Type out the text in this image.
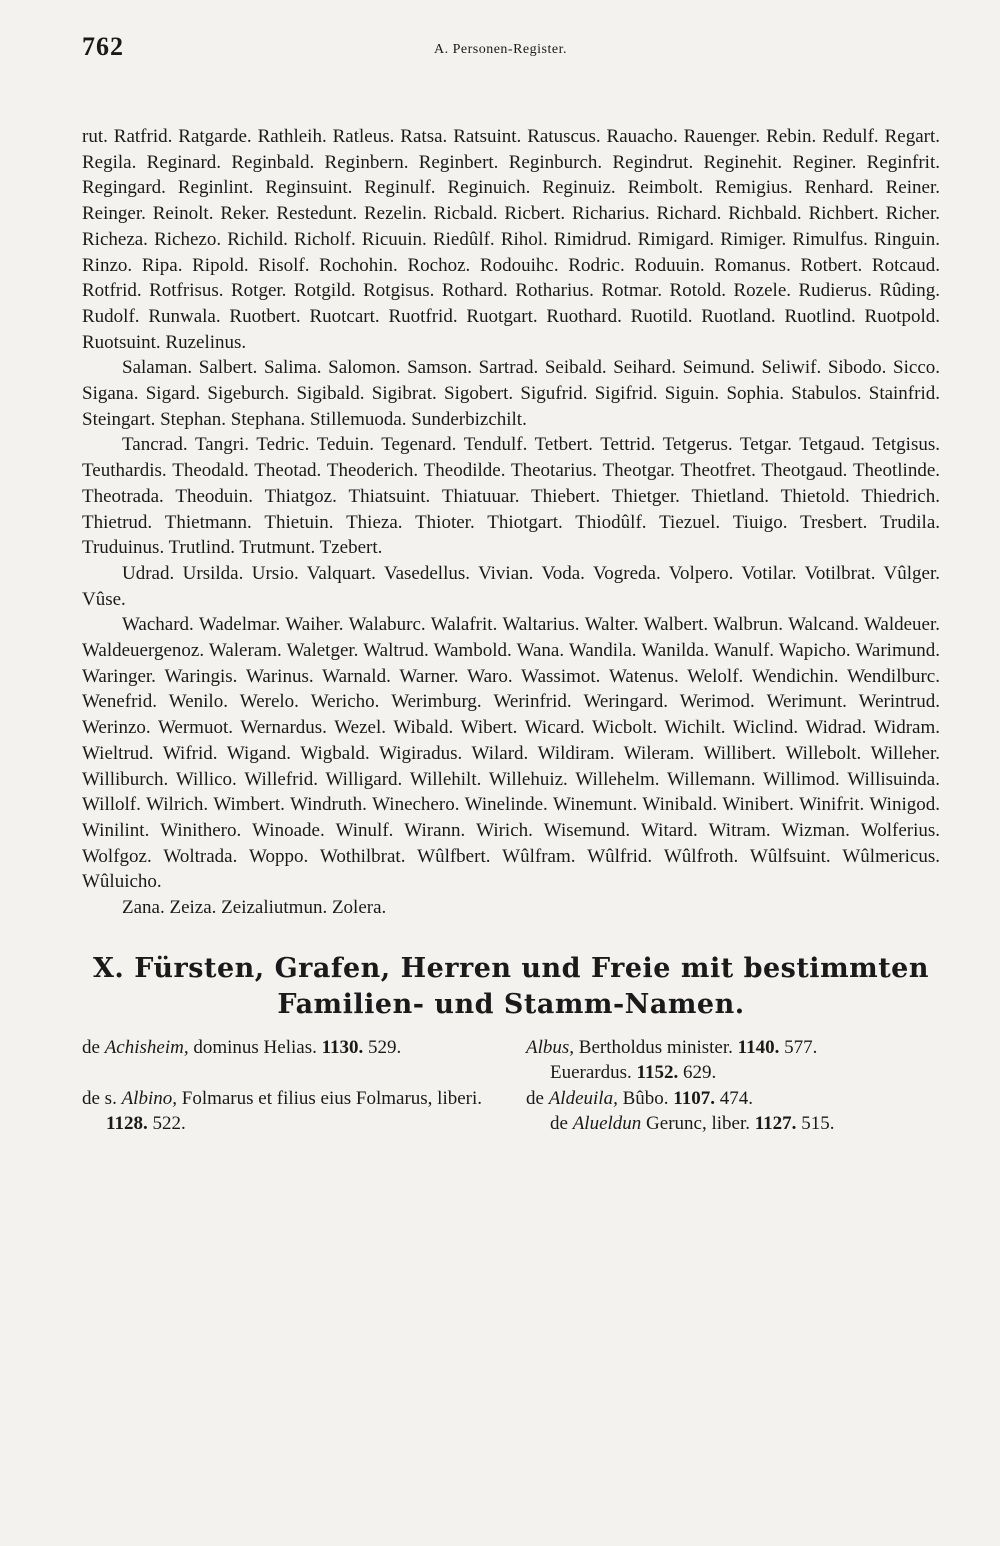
762	A. Personen-Register.

rut. Ratfrid. Ratgarde. Rathleih. Ratleus. Ratsa. Ratsuint. Ratuscus. Rauacho. Rauenger. Rebin. Redulf. Regart. Regila. Reginard. Reginbald. Reginbern. Reginbert. Reginburch. Regindrut. Reginehit. Reginer. Reginfrit. Regingard. Reginlint. Reginsuint. Reginulf. Reginuich. Reginuiz. Reimbolt. Remigius. Renhard. Reiner. Reinger. Reinolt. Reker. Restedunt. Rezelin. Ricbald. Ricbert. Richarius. Richard. Richbald. Richbert. Richer. Richeza. Richezo. Richild. Richolf. Ricuuin. Riedûlf. Rihol. Rimidrud. Rimigard. Rimiger. Rimulfus. Ringuin. Rinzo. Ripa. Ripold. Risolf. Rochohin. Rochoz. Rodouihc. Rodric. Roduuin. Romanus. Rotbert. Rotcaud. Rotfrid. Rotfrisus. Rotger. Rotgild. Rotgisus. Rothard. Rotharius. Rotmar. Rotold. Rozele. Rudierus. Rûding. Rudolf. Runwala. Ruotbert. Ruotcart. Ruotfrid. Ruotgart. Ruothard. Ruotild. Ruotland. Ruotlind. Ruotpold. Ruotsuint. Ruzelinus.

Salaman. Salbert. Salima. Salomon. Samson. Sartrad. Seibald. Seihard. Seimund. Seliwif. Sibodo. Sicco. Sigana. Sigard. Sigeburch. Sigibald. Sigibrat. Sigobert. Sigufrid. Sigifrid. Siguin. Sophia. Stabulos. Stainfrid. Steingart. Stephan. Stephana. Stillemuoda. Sunderbizchilt.

Tancrad. Tangri. Tedric. Teduin. Tegenard. Tendulf. Tetbert. Tettrid. Tetgerus. Tetgar. Tetgaud. Tetgisus. Teuthardis. Theodald. Theotad. Theoderich. Theodilde. Theotarius. Theotgar. Theotfret. Theotgaud. Theotlinde. Theotrada. Theoduin. Thiatgoz. Thiatsuint. Thiatuuar. Thiebert. Thietger. Thietland. Thietold. Thiedrich. Thietrud. Thietmann. Thietuin. Thieza. Thioter. Thiotgart. Thiodûlf. Tiezuel. Tiuigo. Tresbert. Trudila. Truduinus. Trutlind. Trutmunt. Tzebert.

Udrad. Ursilda. Ursio. Valquart. Vasedellus. Vivian. Voda. Vogreda. Volpero. Votilar. Votilbrat. Vûlger. Vûse.

Wachard. Wadelmar. Waiher. Walaburc. Walafrit. Waltarius. Walter. Walbert. Walbrun. Walcand. Waldeuer. Waldeuergenoz. Waleram. Waletger. Waltrud. Wambold. Wana. Wandila. Wanilda. Wanulf. Wapicho. Warimund. Waringer. Waringis. Warinus. Warnald. Warner. Waro. Wassimot. Watenus. Welolf. Wendichin. Wendilburc. Wenefrid. Wenilo. Werelo. Wericho. Werimburg. Werinfrid. Weringard. Werimod. Werimunt. Werintrud. Werinzo. Wermuot. Wernardus. Wezel. Wibald. Wibert. Wicard. Wicbolt. Wichilt. Wiclind. Widrad. Widram. Wieltrud. Wifrid. Wigand. Wigbald. Wigiradus. Wilard. Wildiram. Wileram. Willibert. Willebolt. Willeher. Williburch. Willico. Willefrid. Willigard. Willehilt. Willehuiz. Willehelm. Willemann. Willimod. Willisuinda. Willolf. Wilrich. Wimbert. Windruth. Winechero. Winelinde. Winemunt. Winibald. Winibert. Winifrit. Winigod. Winilint. Winithero. Winoade. Winulf. Wirann. Wirich. Wisemund. Witard. Witram. Wizman. Wolferius. Wolfgoz. Woltrada. Woppo. Wothilbrat. Wûlfbert. Wûlfram. Wûlfrid. Wûlfroth. Wûlfsuint. Wûlmericus. Wûluicho.

Zana. Zeiza. Zeizaliutmun. Zolera.

X. Fürsten, Grafen, Herren und Freie mit bestimmten Familien- und Stamm-Namen.
de Achisheim, dominus Helias. 1130. 529.	Albus, Bertholdus minister. 1140. 577.
Euerardus. 1152. 629.
de s. Albino, Folmarus et filius eius Folmarus, liberi. 1128. 522.
de Aldeuila, Bûbo. 1107. 474.
de Alueldun Gerunc, liber. 1127. 515.
